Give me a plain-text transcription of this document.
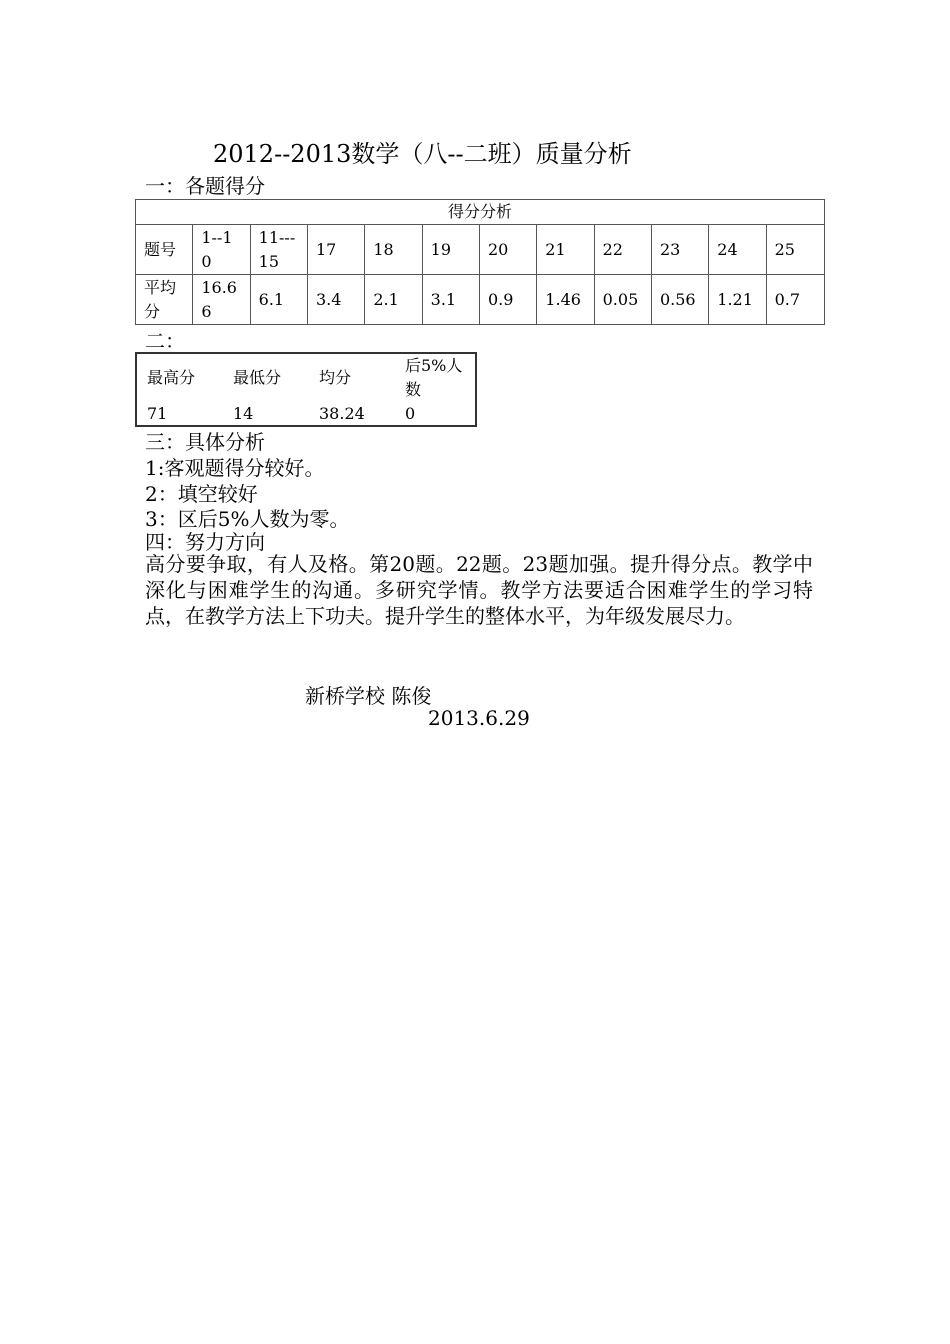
2012--2013数学（八--二班）质量分析
一：各题得分
得分分析											
题号	1--10	11---15	17	18	19	20	21	22	23	24	25
平均分	16.66	6.1	3.4	2.1	3.1	0.9	1.46	0.05	0.56	1.21	0.7
二：
最高分	最低分	均分	后5%人数
71	14	38.24	0
三：具体分析
1:客观题得分较好。
2：填空较好
3：区后5%人数为零。
四：努力方向
高分要争取，有人及格。第20题。22题。23题加强。提升得分点。教学中深化与困难学生的沟通。多研究学情。教学方法要适合困难学生的学习特点，在教学方法上下功夫。提升学生的整体水平，为年级发展尽力。
新桥学校 陈俊
2013.6.29
